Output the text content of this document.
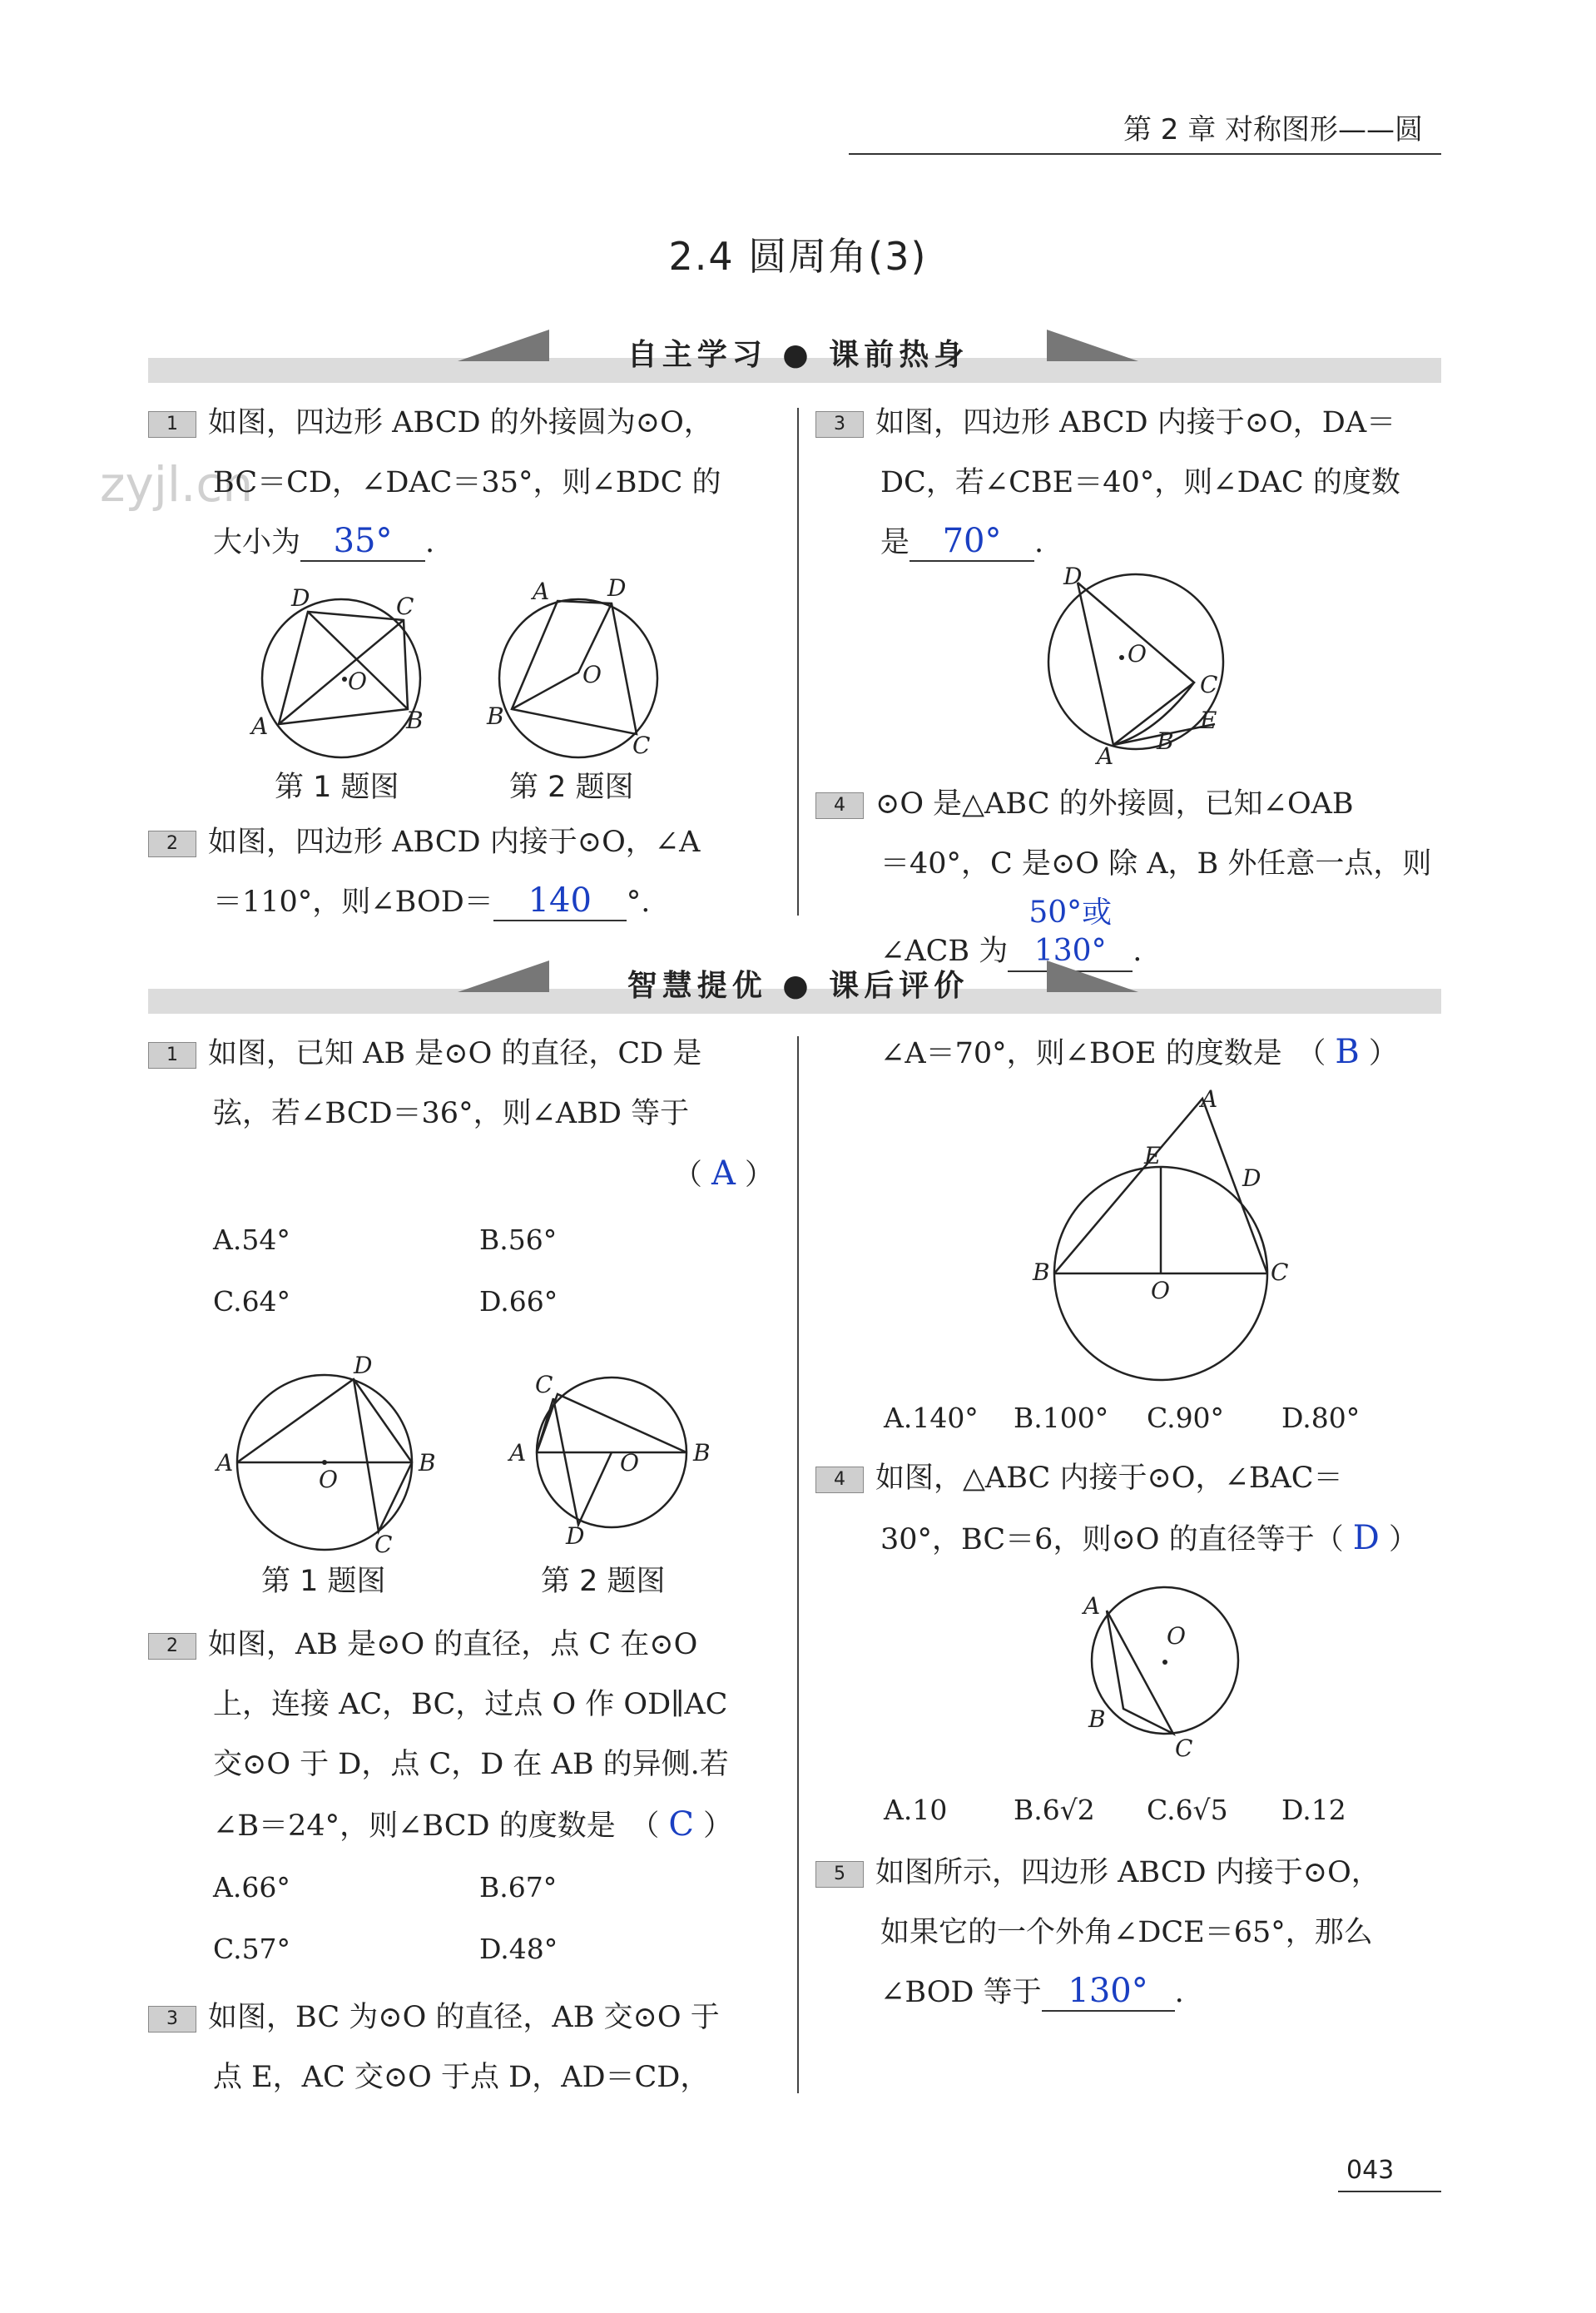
第 2 章 对称图形——圆
2.4 圆周角(3)
自主学习 ● 课前热身
zyjl.cn
1 如图，四边形 ABCD 的外接圆为⊙O，
BC＝CD，∠DAC＝35°，则∠BDC 的
大小为 35° .
A
D	C
B
O
A D
B
C
O
第 1 题图	第 2 题图
2 如图，四边形 ABCD 内接于⊙O，∠A
＝110°，则∠BOD＝ 140 °.
3 如图，四边形 ABCD 内接于⊙O，DA＝
DC，若∠CBE＝40°，则∠DAC 的度数
是 70° .
D
O
C
E
B
A
4 ⊙O 是△ABC 的外接圆，已知∠OAB
＝40°，C 是⊙O 除 A，B 外任意一点，则
∠ACB 为50°或130° .
智慧提优 ● 课后评价
1 如图，已知 AB 是⊙O 的直径，CD 是
弦，若∠BCD＝36°，则∠ABD 等于
（ A ）
A.54°	B.56°
C.64°	D.66°
A
D
B
C
O
C
A	B
O
D
第 1 题图	第 2 题图
2 如图，AB 是⊙O 的直径，点 C 在⊙O
上，连接 AC，BC，过点 O 作 OD∥AC
交⊙O 于 D，点 C，D 在 AB 的异侧.若
∠B＝24°，则∠BCD 的度数是　（ C ）
A.66°	B.67°
C.57°	D.48°
3 如图，BC 为⊙O 的直径，AB 交⊙O 于
点 E，AC 交⊙O 于点 D，AD＝CD，
∠A＝70°，则∠BOE 的度数是　（ B ）
A
E
D
B	C
O
A.140° B.100° C.90° D.80°
4 如图，△ABC 内接于⊙O，∠BAC＝
30°，BC＝6，则⊙O 的直径等于（ D ）
A
O
B
C
A.10 B.6√2 C.6√5 D.12
5 如图所示，四边形 ABCD 内接于⊙O，
如果它的一个外角∠DCE＝65°，那么
∠BOD 等于 130° .
043
